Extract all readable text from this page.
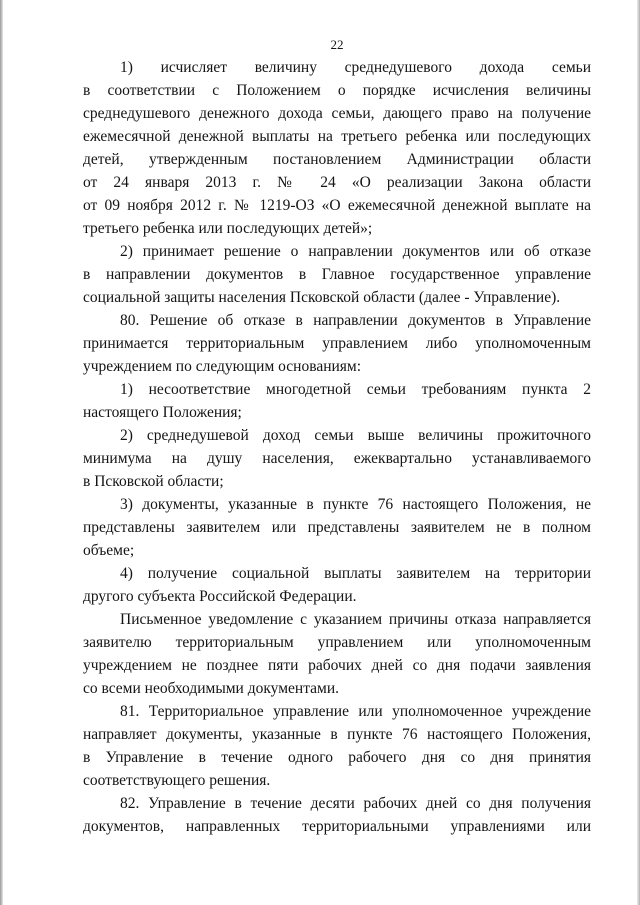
22
1) исчисляет величину среднедушевого дохода семьи
в соответствии с Положением о порядке исчисления величины
среднедушевого денежного дохода семьи, дающего право на получение
ежемесячной денежной выплаты на третьего ребенка или последующих
детей, утвержденным постановлением Администрации области
от 24 января 2013 г. № 24 «О реализации Закона области
от 09 ноября 2012 г. № 1219-ОЗ «О ежемесячной денежной выплате на
третьего ребенка или последующих детей»;
2) принимает решение о направлении документов или об отказе
в направлении документов в Главное государственное управление
социальной защиты населения Псковской области (далее - Управление).
80. Решение об отказе в направлении документов в Управление
принимается территориальным управлением либо уполномоченным
учреждением по следующим основаниям:
1) несоответствие многодетной семьи требованиям пункта 2
настоящего Положения;
2) среднедушевой доход семьи выше величины прожиточного
минимума на душу населения, ежеквартально устанавливаемого
в Псковской области;
3) документы, указанные в пункте 76 настоящего Положения, не
представлены заявителем или представлены заявителем не в полном
объеме;
4) получение социальной выплаты заявителем на территории
другого субъекта Российской Федерации.
Письменное уведомление с указанием причины отказа направляется
заявителю территориальным управлением или уполномоченным
учреждением не позднее пяти рабочих дней со дня подачи заявления
со всеми необходимыми документами.
81. Территориальное управление или уполномоченное учреждение
направляет документы, указанные в пункте 76 настоящего Положения,
в Управление в течение одного рабочего дня со дня принятия
соответствующего решения.
82. Управление в течение десяти рабочих дней со дня получения
документов, направленных территориальными управлениями или
